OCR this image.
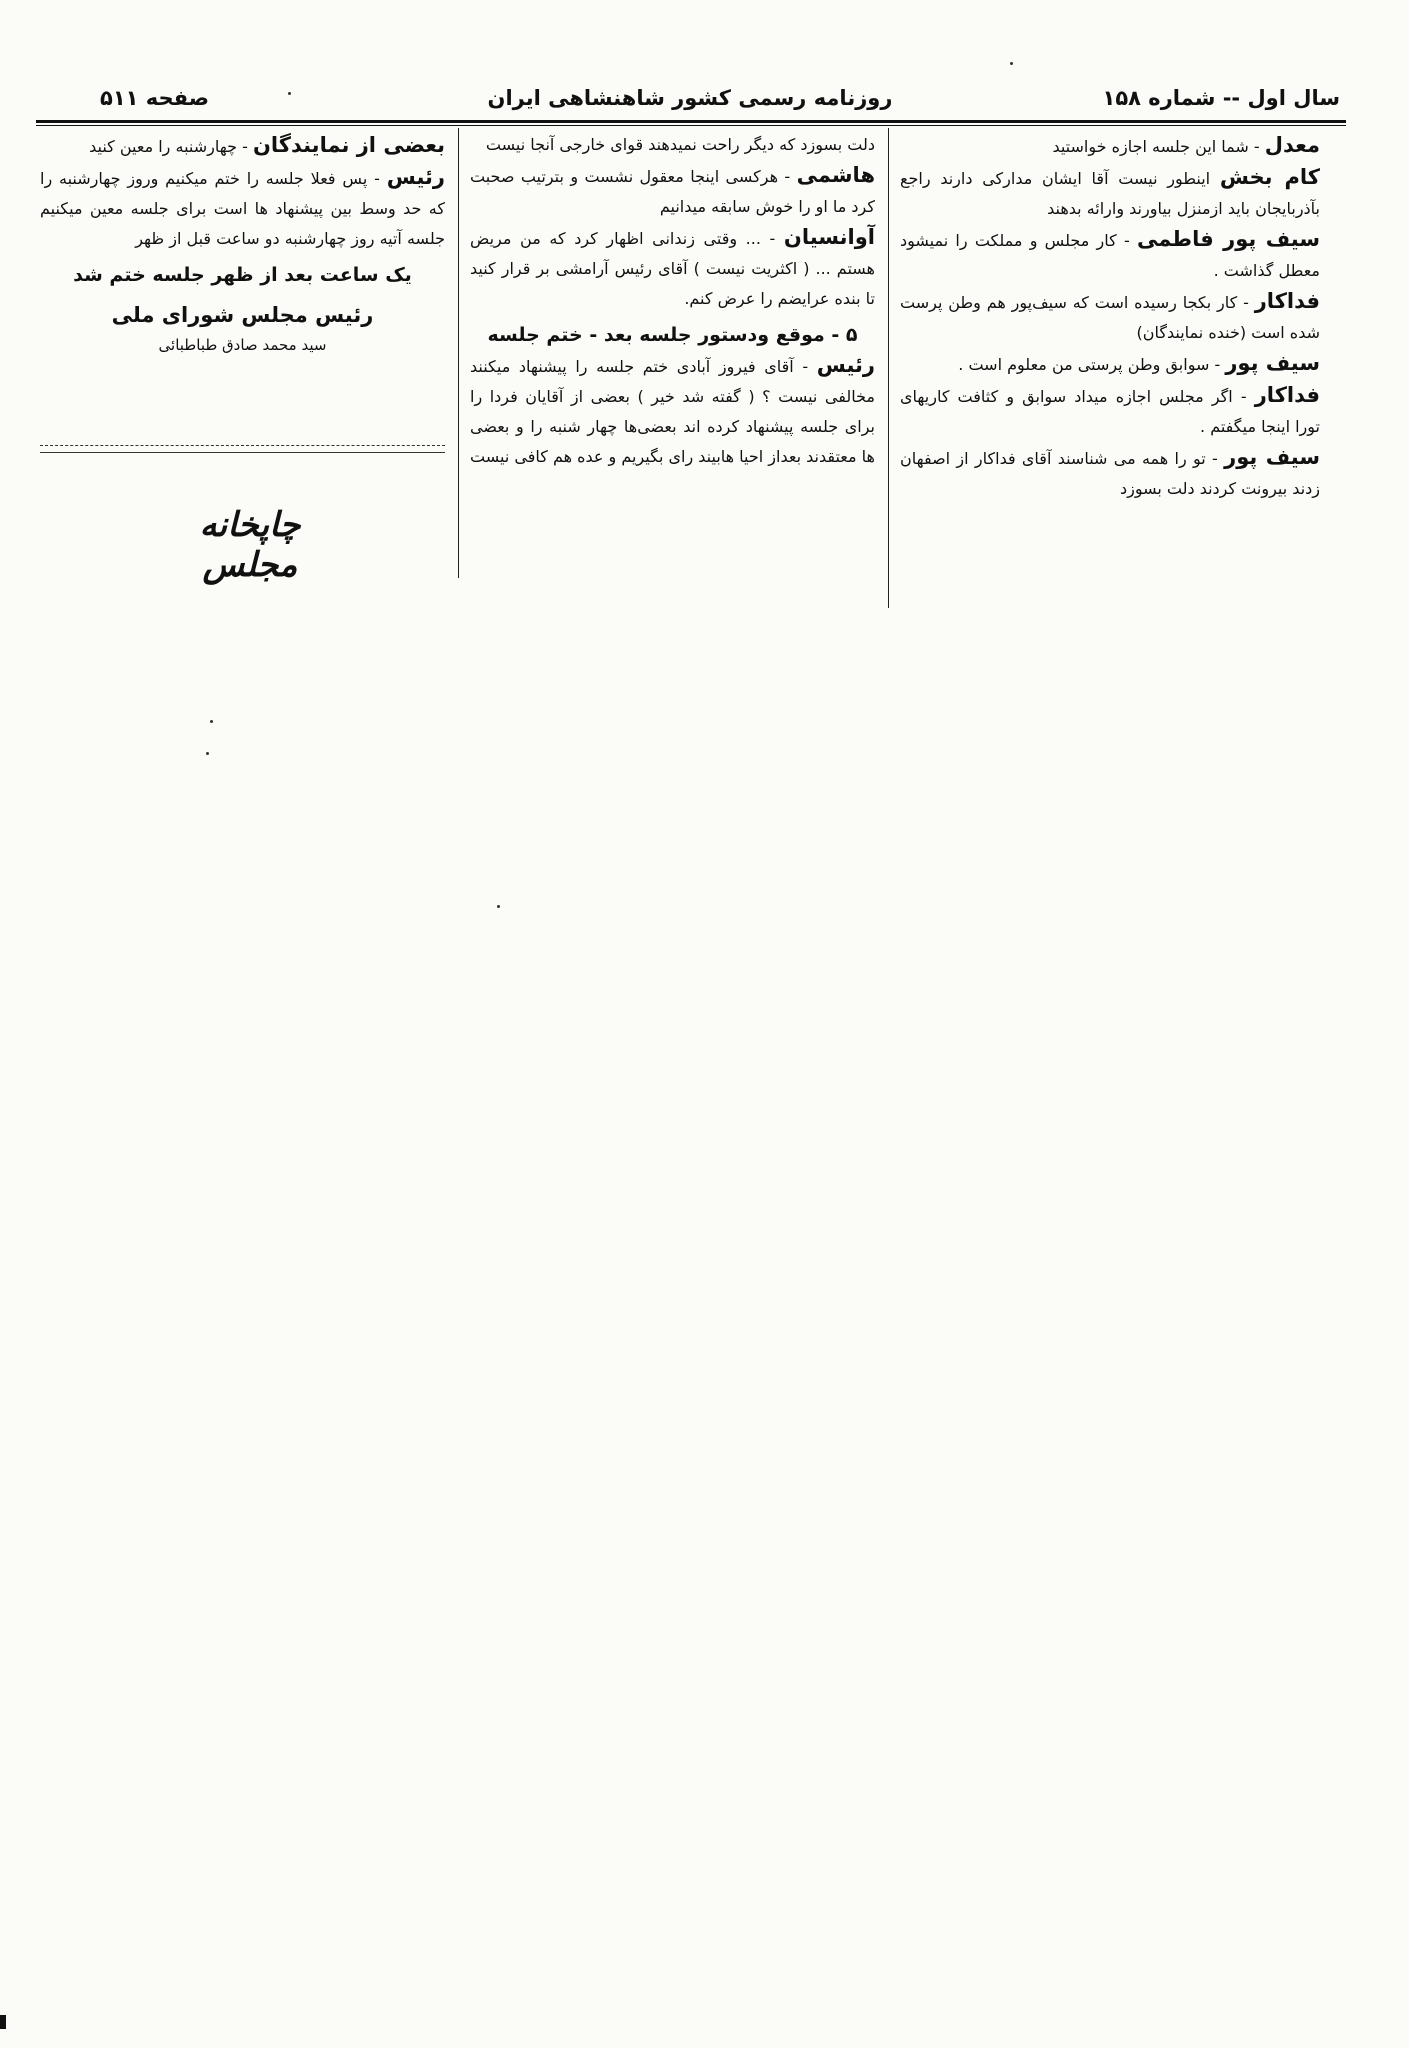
سال اول -- شماره ۱۵۸
روزنامه رسمی کشور شاهنشاهی ایران
صفحه ۵۱۱

معدل - شما این جلسه اجازه خواستید

کام بخش اینطور نیست آقا ایشان مدارکی دارند راجع بآذربایجان باید ازمنزل بیاورند وارائه بدهند

سیف پور فاطمی - کار مجلس و مملکت را نمیشود معطل گذاشت .

فداکار - کار بکجا رسیده است که سیف‌پور هم وطن پرست شده است (خنده نمایندگان)

سیف پور - سوابق وطن پرستی من معلوم است .

فداکار - اگر مجلس اجازه میداد سوابق و کثافت کاریهای تورا اینجا میگفتم .

سیف پور - تو را همه می شناسند آقای فداکار از اصفهان زدند بیرونت کردند دلت بسوزد

دلت بسوزد که دیگر راحت نمیدهند قوای خارجی آنجا نیست

هاشمی - هرکسی اینجا معقول نشست و بترتیب صحبت کرد ما او را خوش سابقه میدانیم

آوانسیان - ... وقتی زندانی اظهار کرد که من مریض هستم ... ( اکثریت نیست ) آقای رئیس آرامشی بر قرار کنید تا بنده عرایضم را عرض کنم.

۵ - موقع ودستور جلسه بعد - ختم جلسه

رئیس - آقای فیروز آبادی ختم جلسه را پیشنهاد میکنند مخالفی نیست ؟ ( گفته شد خیر ) بعضی از آقایان فردا را برای جلسه پیشنهاد کرده اند بعضی‌ها چهار شنبه را و بعضی ها معتقدند بعداز احیا هابیند رای بگیریم و عده هم کافی نیست

بعضی از نمایندگان - چهارشنبه را معین کنید

رئیس - پس فعلا جلسه را ختم میکنیم وروز چهارشنبه را که حد وسط بین پیشنهاد ها است برای جلسه معین میکنیم جلسه آتیه روز چهارشنبه دو ساعت قبل از ظهر

یک ساعت بعد از ظهر جلسه ختم شد

رئیس مجلس شورای ملی

سید محمد صادق طباطبائی

چاپخانه مجلس
